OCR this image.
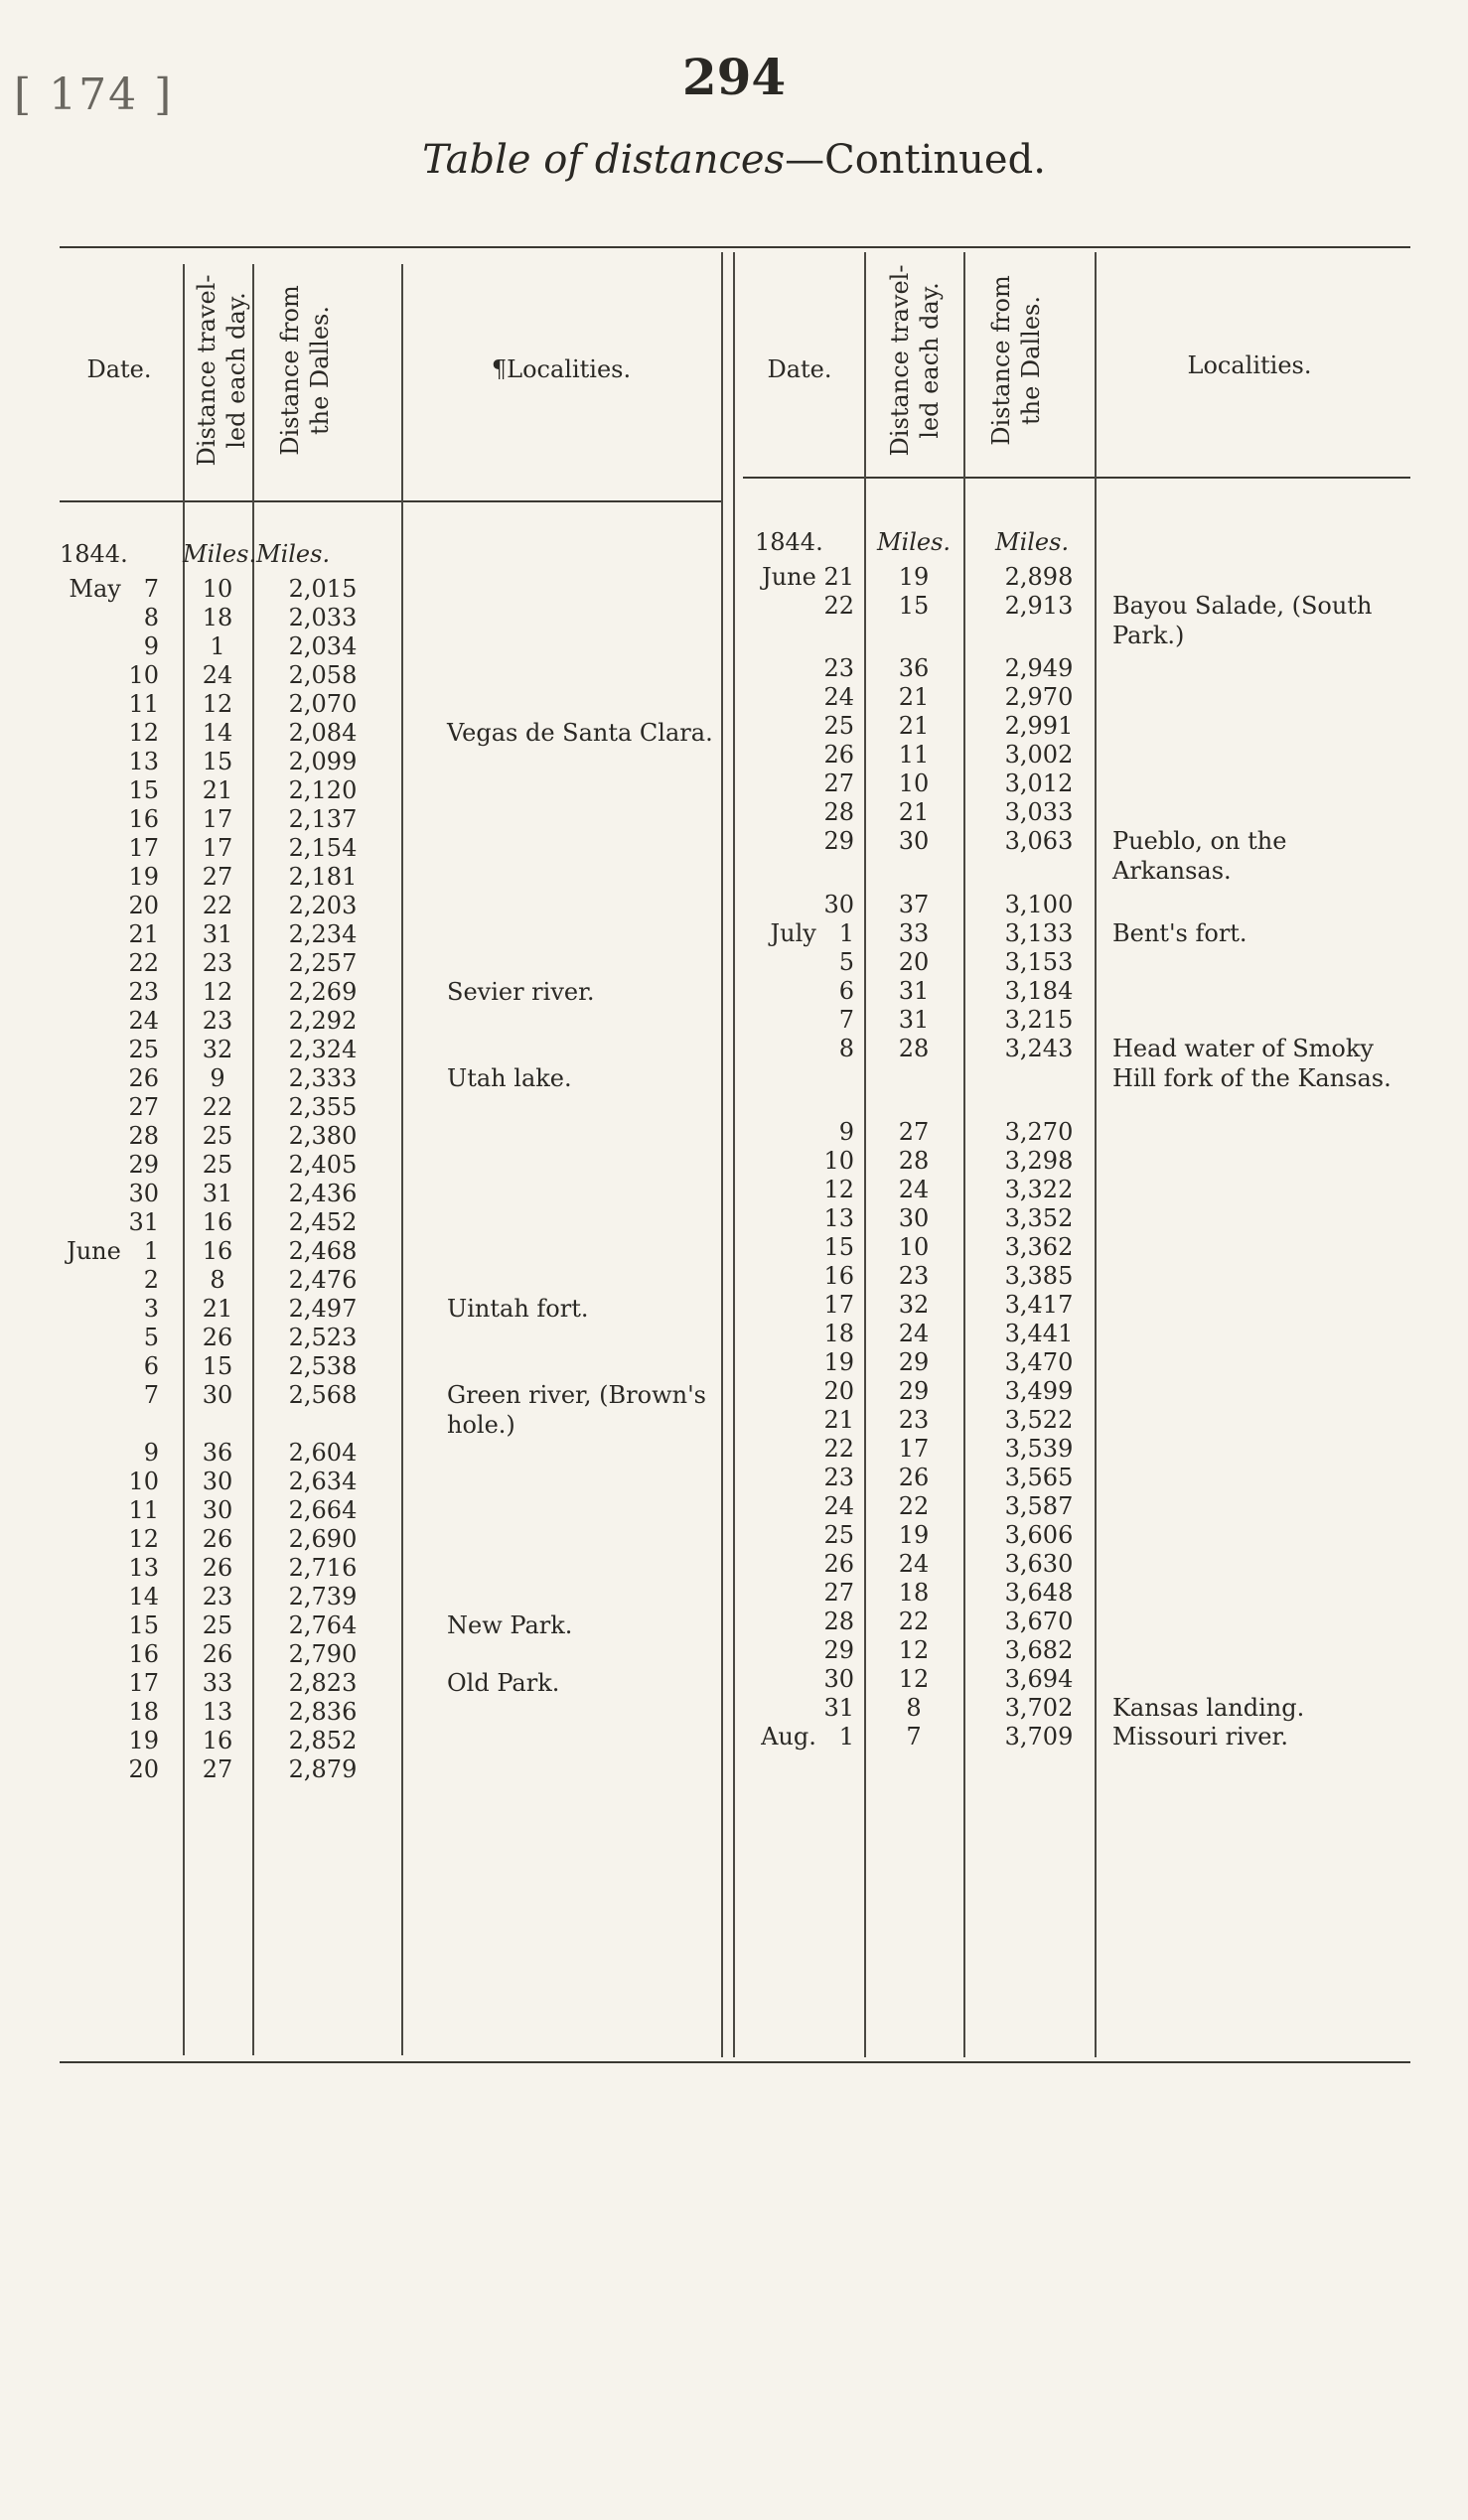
[ 174 ]	294
Table of distances—Continued.
Date.	Distance travel-
led each day.
Distance from
the Dalles.	¶Localities.	Date.	Distance travel-
led each day.
Distance from
the Dalles.	Localities.
1844.	Miles. Miles.	1844.	Miles.	Miles.
May   7	10	2,015
8	18	2,033
9	1	2,034
10	24	2,058
11	12	2,070
12	14	2,084	Vegas de Santa Clara.
13	15	2,099
15	21	2,120
16	17	2,137
17	17	2,154
19	27	2,181
20	22	2,203
21	31	2,234
22	23	2,257
23	12	2,269	Sevier river.
24	23	2,292
25	32	2,324
26	9	2,333	Utah lake.
27	22	2,355
28	25	2,380
29	25	2,405
30	31	2,436
31	16	2,452
June   1	16	2,468
2	8	2,476
3	21	2,497	Uintah fort.
5	26	2,523
6	15	2,538
7	30	2,568	Green river, (Brown's hole.)
9	36	2,604
10	30	2,634
11	30	2,664
12	26	2,690
13	26	2,716
14	23	2,739
15	25	2,764	New Park.
16	26	2,790
17	33	2,823	Old Park.
18	13	2,836
19	16	2,852
20	27	2,879
June 21	19	2,898
22	15	2,913	Bayou Salade, (South Park.)
23	36	2,949
24	21	2,970
25	21	2,991
26	11	3,002
27	10	3,012
28	21	3,033
29	30	3,063	Pueblo, on the Arkansas.
30	37	3,100
July   1	33	3,133	Bent's fort.
5	20	3,153
6	31	3,184
7	31	3,215
8	28	3,243	Head water of Smoky Hill fork of the Kansas.
9	27	3,270
10	28	3,298
12	24	3,322
13	30	3,352
15	10	3,362
16	23	3,385
17	32	3,417
18	24	3,441
19	29	3,470
20	29	3,499
21	23	3,522
22	17	3,539
23	26	3,565
24	22	3,587
25	19	3,606
26	24	3,630
27	18	3,648
28	22	3,670
29	12	3,682
30	12	3,694
31	8	3,702	Kansas landing.
Aug.   1	7	3,709	Missouri river.
